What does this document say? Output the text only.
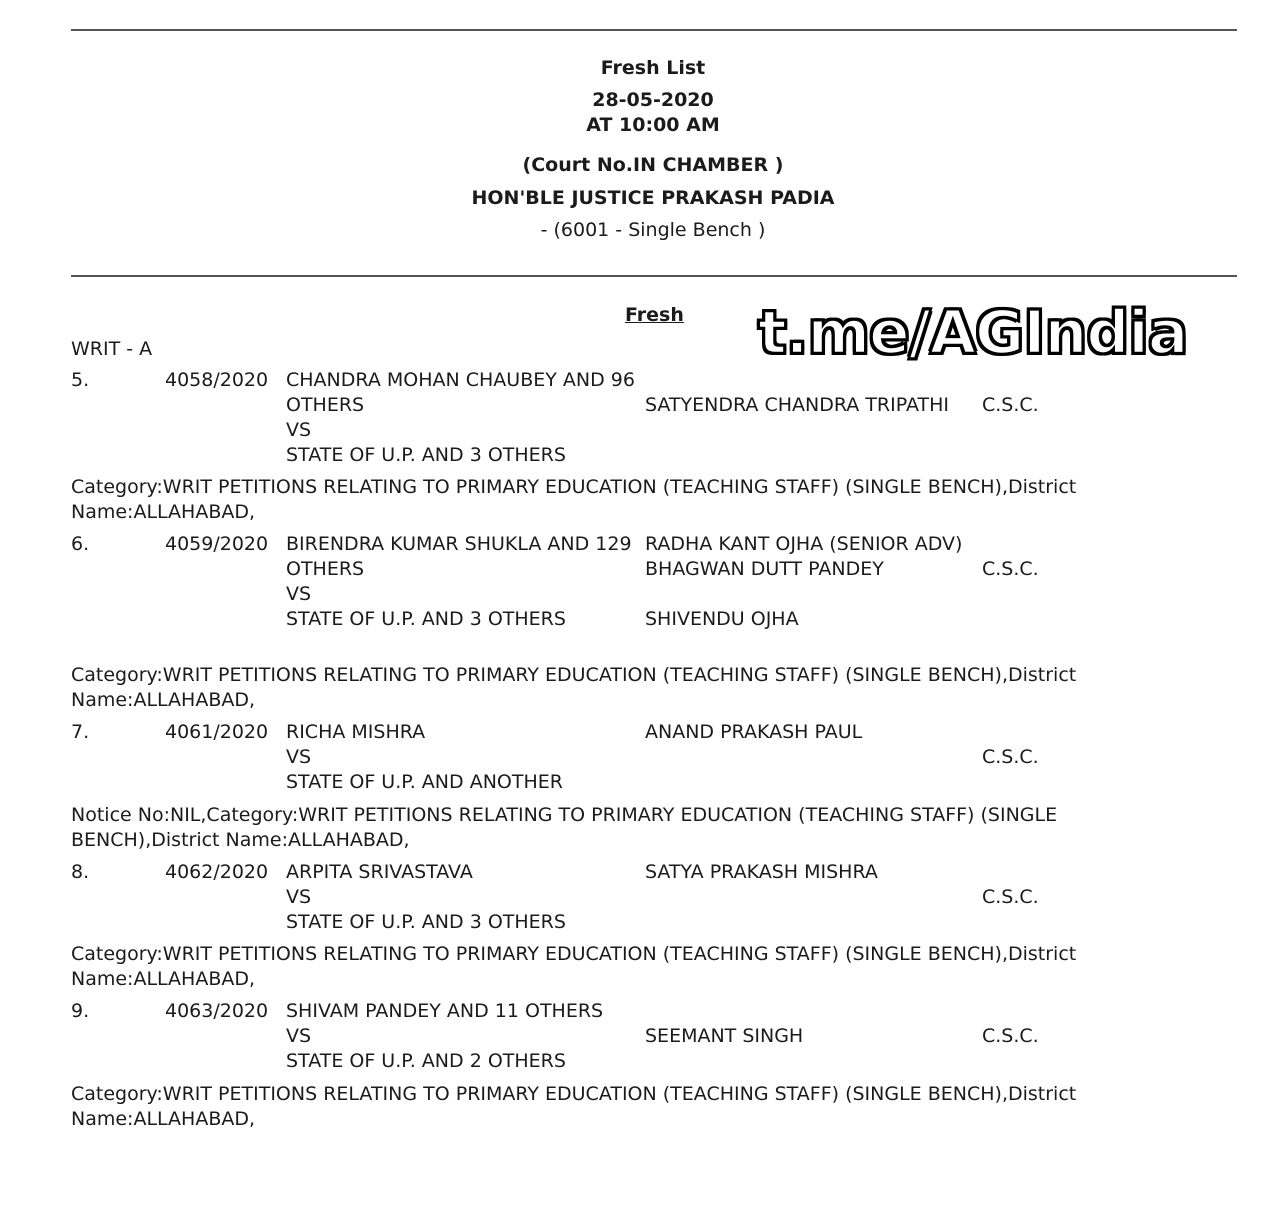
Fresh List
28-05-2020
AT 10:00 AM
(Court No.IN CHAMBER )
HON'BLE JUSTICE PRAKASH PADIA
- (6001 - Single Bench )
Fresh
WRIT - A	t.me/AGIndia
5.	4058/2020 CHANDRA MOHAN CHAUBEY AND 96
OTHERS
VS
STATE OF U.P. AND 3 OTHERS
SATYENDRA CHANDRA TRIPATHI C.S.C.
Category:WRIT PETITIONS RELATING TO PRIMARY EDUCATION (TEACHING STAFF) (SINGLE BENCH),District Name:ALLAHABAD,
6.	4059/2020 BIRENDRA KUMAR SHUKLA AND 129
OTHERS
VS
STATE OF U.P. AND 3 OTHERS
RADHA KANT OJHA (SENIOR ADV)
BHAGWAN DUTT PANDEY
SHIVENDU OJHA
C.S.C.
Category:WRIT PETITIONS RELATING TO PRIMARY EDUCATION (TEACHING STAFF) (SINGLE BENCH),District Name:ALLAHABAD,
7.	4061/2020 RICHA MISHRA
VS
STATE OF U.P. AND ANOTHER
ANAND PRAKASH PAUL
C.S.C.
Notice No:NIL,Category:WRIT PETITIONS RELATING TO PRIMARY EDUCATION (TEACHING STAFF) (SINGLE BENCH),District Name:ALLAHABAD,
8.	4062/2020 ARPITA SRIVASTAVA
VS
STATE OF U.P. AND 3 OTHERS
SATYA PRAKASH MISHRA
C.S.C.
Category:WRIT PETITIONS RELATING TO PRIMARY EDUCATION (TEACHING STAFF) (SINGLE BENCH),District Name:ALLAHABAD,
9.	4063/2020 SHIVAM PANDEY AND 11 OTHERS
VS
STATE OF U.P. AND 2 OTHERS
SEEMANT SINGH	C.S.C.
Category:WRIT PETITIONS RELATING TO PRIMARY EDUCATION (TEACHING STAFF) (SINGLE BENCH),District Name:ALLAHABAD,
